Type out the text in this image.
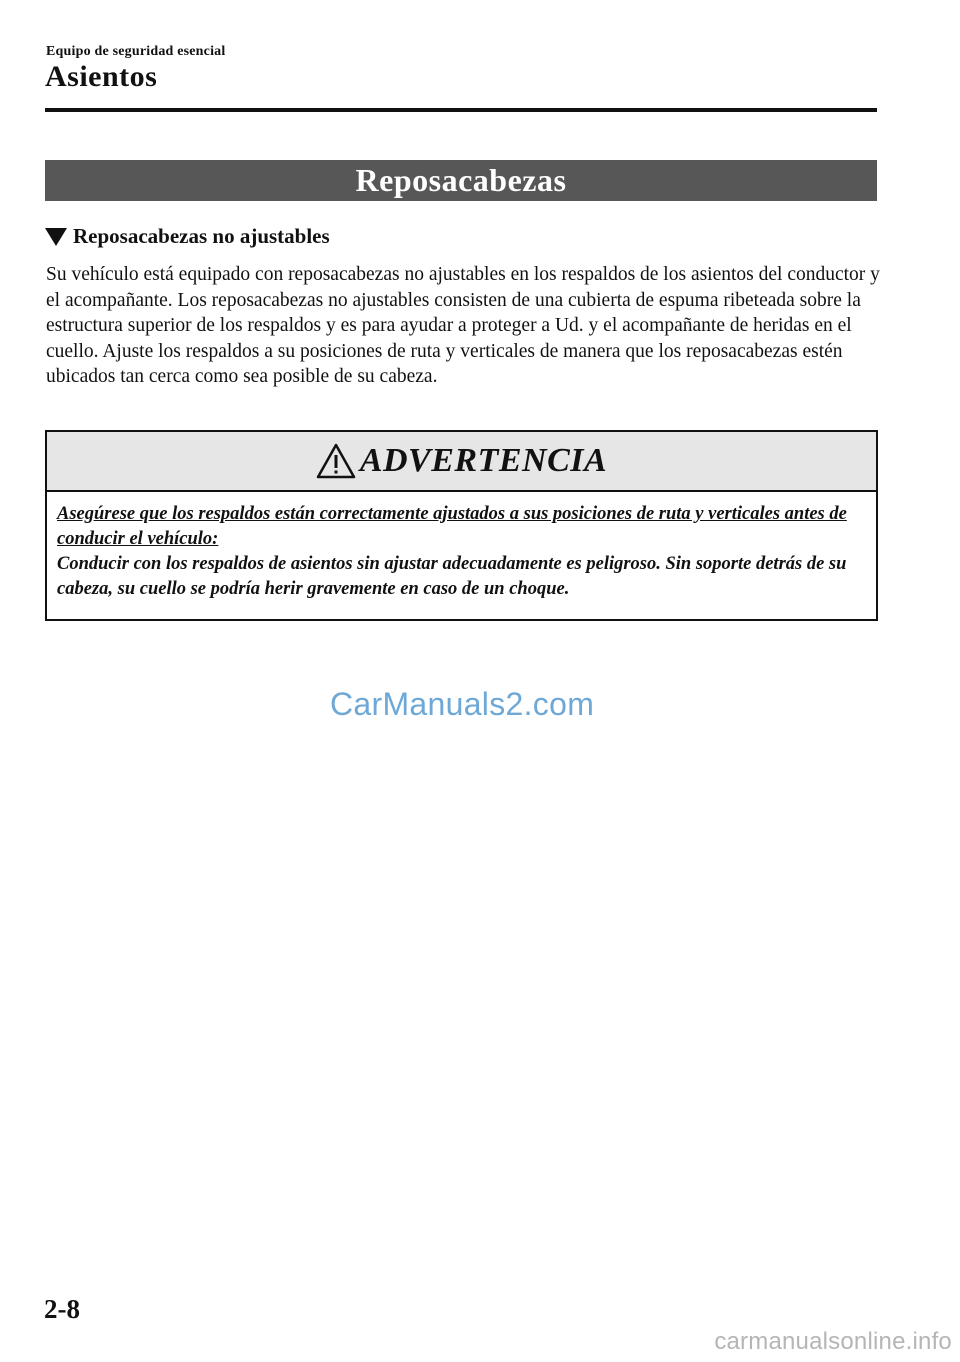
Equipo de seguridad esencial
Asientos
Reposacabezas
Reposacabezas no ajustables

Su vehículo está equipado con reposacabezas no ajustables en los respaldos de los asientos del conductor y el acompañante. Los reposacabezas no ajustables consisten de una cubierta de espuma ribeteada sobre la estructura superior de los respaldos y es para ayudar a proteger a Ud. y el acompañante de heridas en el cuello. Ajuste los respaldos a su posiciones de ruta y verticales de manera que los reposacabezas estén ubicados tan cerca como sea posible de su cabeza.

ADVERTENCIA
Asegúrese que los respaldos están correctamente ajustados a sus posiciones de ruta y verticales antes de conducir el vehículo:
Conducir con los respaldos de asientos sin ajustar adecuadamente es peligroso. Sin soporte detrás de su cabeza, su cuello se podría herir gravemente en caso de un choque.
CarManuals2.com
2-8
carmanualsonline.info
